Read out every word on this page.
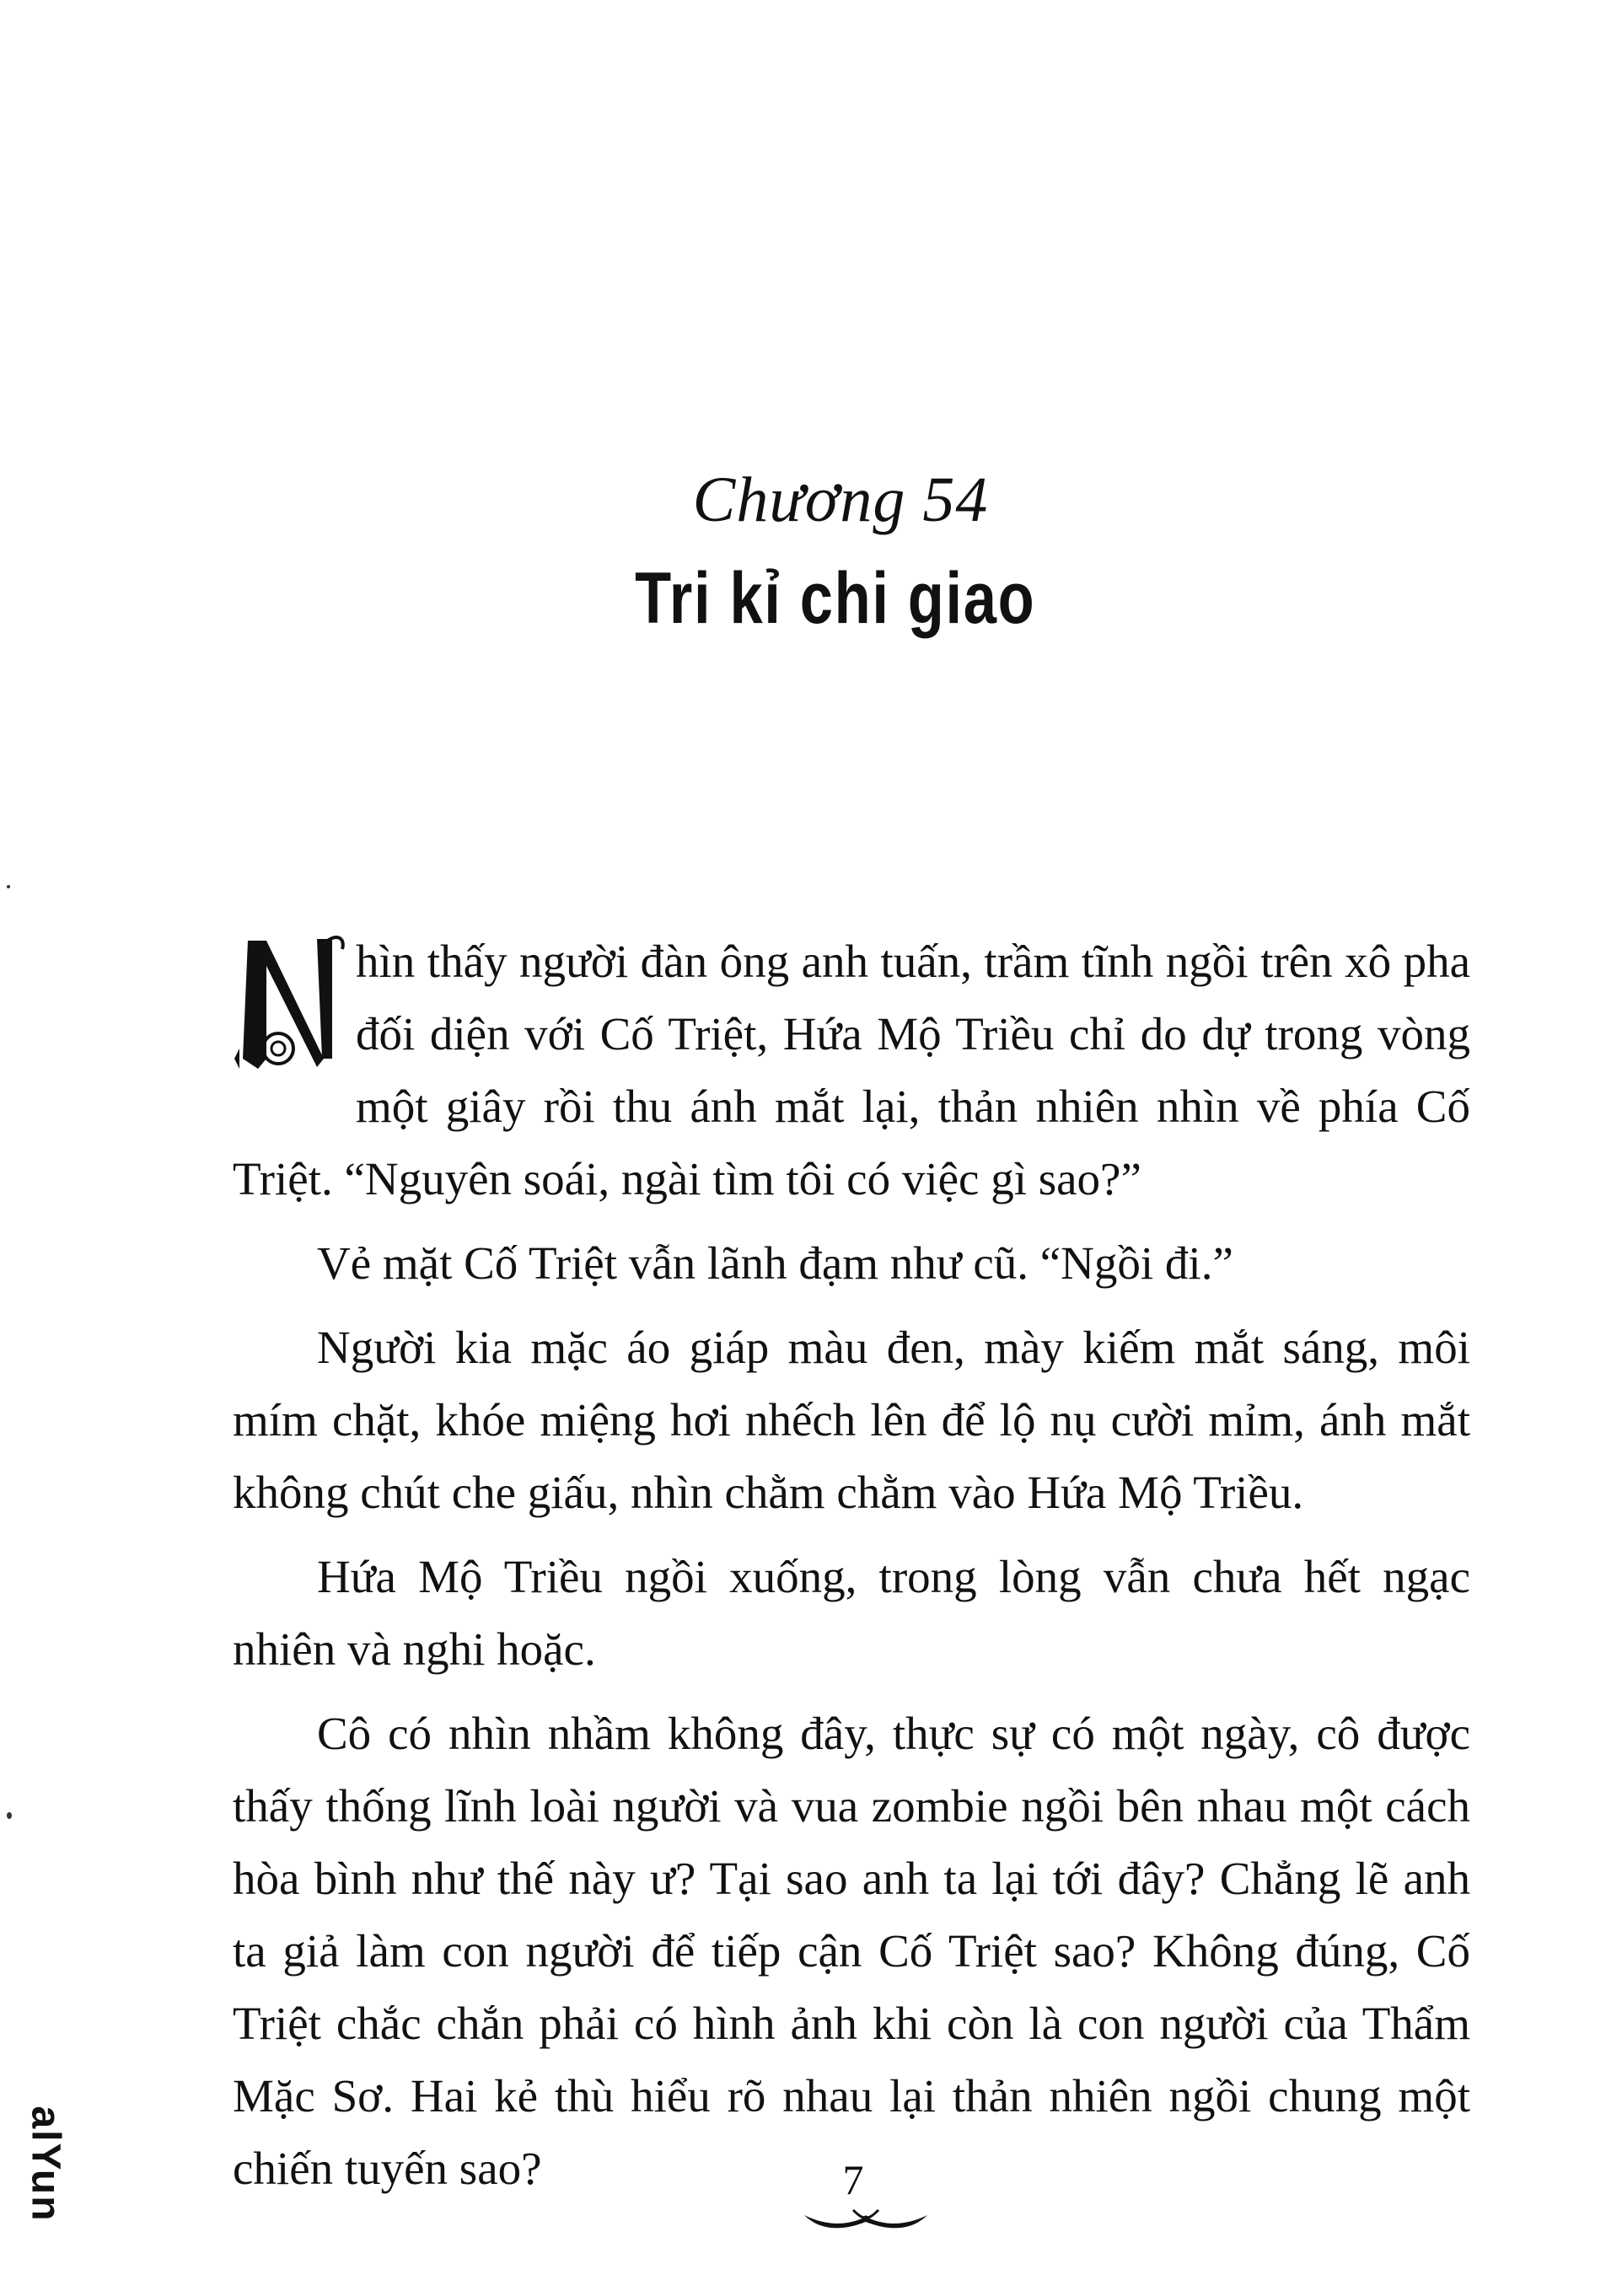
Chương 54
Tri kỉ chi giao

hìn thấy người đàn ông anh tuấn, trầm tĩnh ngồi trên xô pha đối diện với Cố Triệt, Hứa Mộ Triều chỉ do dự trong vòng một giây rồi thu ánh mắt lại, thản nhiên nhìn về phía Cố Triệt. “Nguyên soái, ngài tìm tôi có việc gì sao?”

Vẻ mặt Cố Triệt vẫn lãnh đạm như cũ. “Ngồi đi.”

Người kia mặc áo giáp màu đen, mày kiếm mắt sáng, môi mím chặt, khóe miệng hơi nhếch lên để lộ nụ cười mỉm, ánh mắt không chút che giấu, nhìn chằm chằm vào Hứa Mộ Triều.

Hứa Mộ Triều ngồi xuống, trong lòng vẫn chưa hết ngạc nhiên và nghi hoặc.

Cô có nhìn nhầm không đây, thực sự có một ngày, cô được thấy thống lĩnh loài người và vua zombie ngồi bên nhau một cách hòa bình như thế này ư? Tại sao anh ta lại tới đây? Chẳng lẽ anh ta giả làm con người để tiếp cận Cố Triệt sao? Không đúng, Cố Triệt chắc chắn phải có hình ảnh khi còn là con người của Thẩm Mặc Sơ. Hai kẻ thù hiểu rõ nhau lại thản nhiên ngồi chung một chiến tuyến sao?	7
alYun
